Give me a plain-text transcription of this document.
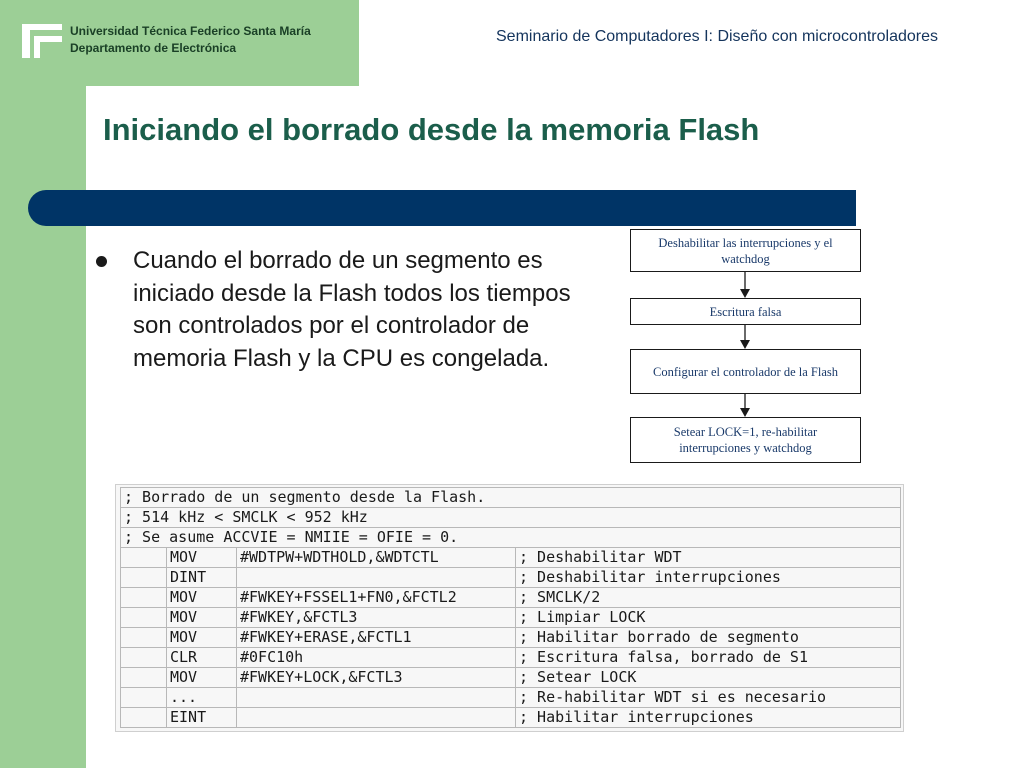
Universidad Técnica Federico Santa María
Departamento de Electrónica
Seminario de Computadores I: Diseño con microcontroladores
Iniciando el borrado desde la memoria Flash

Cuando el borrado de un segmento es iniciado desde la Flash todos los tiempos son controlados por el controlador de memoria Flash y la CPU es congelada.

Deshabilitar las interrupciones y el watchdog
Escritura falsa
Configurar el controlador de la Flash
Setear LOCK=1, re-habilitar interrupciones y watchdog
; Borrado de un segmento desde la Flash.			
; 514 kHz < SMCLK < 952 kHz			
; Se asume ACCVIE = NMIIE = OFIE = 0.			
	MOV	#WDTPW+WDTHOLD,&WDTCTL	; Deshabilitar WDT
	DINT		; Deshabilitar interrupciones
	MOV	#FWKEY+FSSEL1+FN0,&FCTL2	; SMCLK/2
	MOV	#FWKEY,&FCTL3	; Limpiar LOCK
	MOV	#FWKEY+ERASE,&FCTL1	; Habilitar borrado de segmento
	CLR	#0FC10h	; Escritura falsa, borrado de S1
	MOV	#FWKEY+LOCK,&FCTL3	; Setear LOCK
	...		; Re-habilitar WDT si es necesario
	EINT		; Habilitar interrupciones
